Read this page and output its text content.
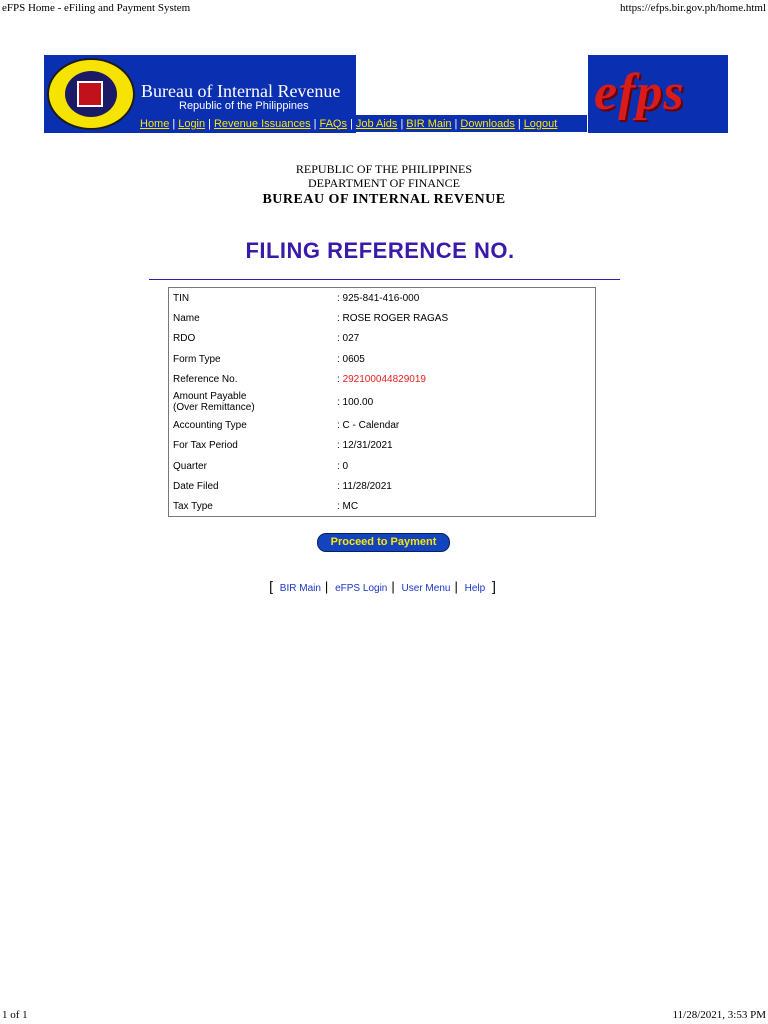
eFPS Home - eFiling and Payment System	https://efps.bir.gov.ph/home.html
Bureau of Internal Revenue
Republic of the Philippines
Home | Login | Revenue Issuances | FAQs | Job Aids | BIR Main | Downloads | Logout
efps
REPUBLIC OF THE PHILIPPINES
DEPARTMENT OF FINANCE
BUREAU OF INTERNAL REVENUE
FILING REFERENCE NO.
TIN	: 925-841-416-000
Name	: ROSE ROGER RAGAS
RDO	: 027
Form Type	: 0605
Reference No.	: 292100044829019
Amount Payable
(Over Remittance)	: 100.00
Accounting Type	: C - Calendar
For Tax Period	: 12/31/2021
Quarter	: 0
Date Filed	: 11/28/2021
Tax Type	: MC
Proceed to Payment
[ BIR Main | eFPS Login | User Menu | Help ]
1 of 1	11/28/2021, 3:53 PM
